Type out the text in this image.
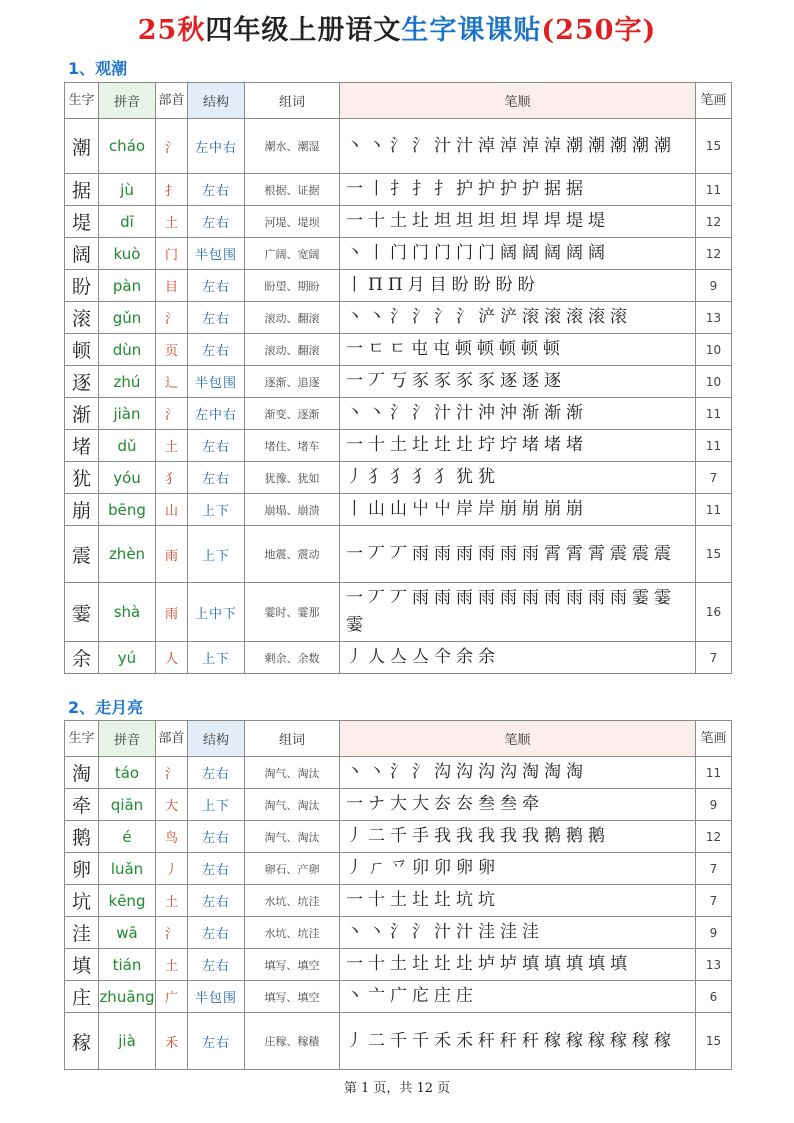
25秋四年级上册语文生字课课贴(250字)
1、观潮
生字	拼音	部首	结构	组词	笔顺	笔画
潮	cháo	氵	左中右	潮水、潮湿	丶丶氵氵汁汁淖淖淖淖潮潮潮潮潮	15
据	jù	扌	左右	根据、证据	一丨扌扌扌护护护护据据	11
堤	dī	土	左右	河堤、堤坝	一十土圵坦坦坦坦垾垾堤堤	12
阔	kuò	门	半包围	广阔、宽阔	丶丨门门门门门阔阔阔阔阔	12
盼	pàn	目	左右	盼望、期盼	丨ΠΠ月目盼盼盼盼	9
滚	gǔn	氵	左右	滚动、翻滚	丶丶氵氵氵氵浐浐滚滚滚滚滚	13
顿	dùn	页	左右	滚动、翻滚	一ㄷㄷ屯屯顿顿顿顿顿	10
逐	zhú	辶	半包围	逐渐、追逐	一丆丂豕豕豕豕逐逐逐	10
渐	jiàn	氵	左中右	渐变、逐渐	丶丶氵氵汁汁沖沖渐渐渐	11
堵	dǔ	土	左右	堵住、堵车	一十土圵圵圵坾坾堵堵堵	11
犹	yóu	犭	左右	犹豫、犹如	丿犭犭犭犭犹犹	7
崩	bēng	山	上下	崩塌、崩溃	丨山山屮屮岸岸崩崩崩崩	11
震	zhèn	雨	上下	地震、震动	一丆丆雨雨雨雨雨雨霄霄霄震震震	15
霎	shà	雨	上中下	霎时、霎那	一丆丆雨雨雨雨雨雨雨雨雨雨霎霎霎	16
余	yú	人	上下	剩余、余数	丿人亼亼仐余余	7
2、走月亮
生字	拼音	部首	结构	组词	笔顺	笔画
淘	táo	氵	左右	淘气、淘汰	丶丶氵氵沟沟沟沟淘淘淘	11
牵	qiān	大	上下	淘气、淘汰	一ナ大大厺厺叁叁牵	9
鹅	é	鸟	左右	淘气、淘汰	丿二千手我我我我我鹅鹅鹅	12
卵	luǎn	丿	左右	卵石、产卵	丿ㄏ乊卯卯卵卵	7
坑	kēng	土	左右	水坑、坑洼	一十土圵圵坑坑	7
洼	wā	氵	左右	水坑、坑洼	丶丶氵氵汁汁洼洼洼	9
填	tián	土	左右	填写、填空	一十土圵圵圵垆垆填填填填填	13
庄	zhuāng	广	半包围	填写、填空	丶亠广庀庄庄	6
稼	jià	禾	左右	庄稼、稼穑	丿二千千禾禾秆秆秆稼稼稼稼稼稼	15
第 1 页，共 12 页
